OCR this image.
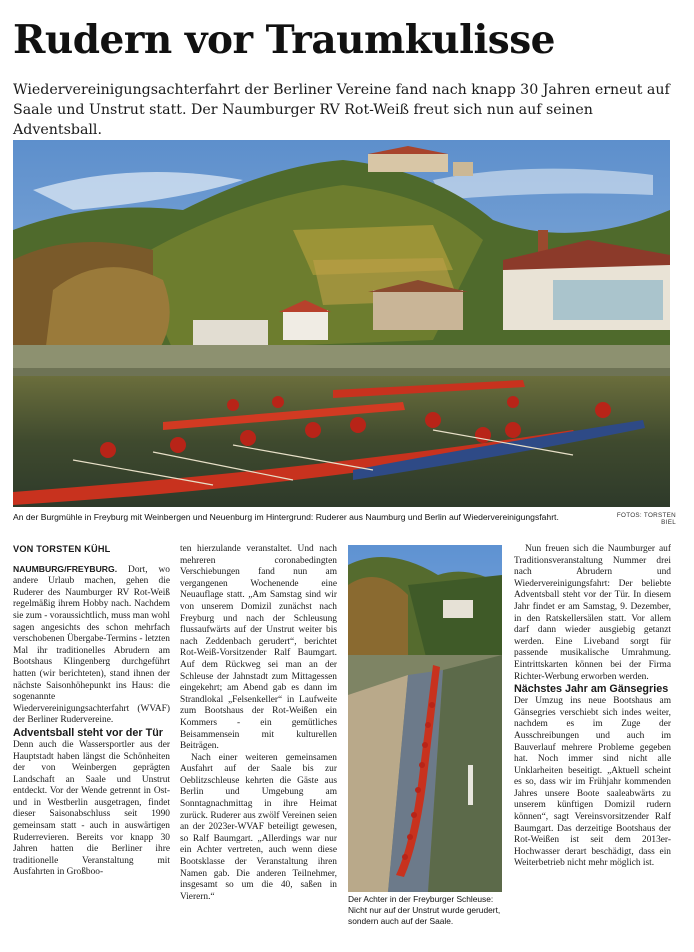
Rudern vor Traumkulisse

Wiedervereinigungsachterfahrt der Berliner Vereine fand nach knapp 30 Jahren erneut auf Saale und Unstrut statt. Der Naumburger RV Rot-Weiß freut sich nun auf seinen Adventsball.

An der Burgmühle in Freyburg mit Weinbergen und Neuenburg im Hintergrund: Ruderer aus Naumburg und Berlin auf Wiedervereinigungsfahrt.	FOTOS: TORSTEN BIEL
VON TORSTEN KÜHL

NAUMBURG/FREYBURG. Dort, wo andere Urlaub machen, gehen die Ruderer des Naumburger RV Rot-Weiß regelmäßig ihrem Hobby nach. Nachdem sie zum - voraussichtlich, muss man wohl sagen angesichts des schon mehrfach verschobenen Übergabe-Termins - letzten Mal ihr traditionelles Abrudern am Bootshaus Klingenberg durchgeführt hatten (wir berichteten), stand ihnen der nächste Saisonhöhepunkt ins Haus: die sogenannte Wiedervereinigungsachterfahrt (WVAF) der Berliner Rudervereine.

Adventsball steht vor der Tür

Denn auch die Wassersportler aus der Hauptstadt haben längst die Schönheiten der von Weinbergen geprägten Landschaft an Saale und Unstrut entdeckt. Vor der Wende getrennt in Ost- und in Westberlin ausgetragen, findet dieser Saisonabschluss seit 1990 gemeinsam statt - auch in auswärtigen Ruderrevieren. Bereits vor knapp 30 Jahren hatten die Berliner ihre traditionelle Veranstaltung mit Ausfahrten in Großboo-

ten hierzulande veranstaltet. Und nach mehreren coronabedingten Verschiebungen fand nun am vergangenen Wochenende eine Neuauflage statt. „Am Samstag sind wir von unserem Domizil zunächst nach Freyburg und nach der Schleusung flussaufwärts auf der Unstrut weiter bis nach Zeddenbach gerudert“, berichtet Rot-Weiß-Vorsitzender Ralf Baumgart. Auf dem Rückweg sei man an der Schleuse der Jahnstadt zum Mittagessen eingekehrt; am Abend gab es dann im Strandlokal „Felsenkeller“ in Laufweite zum Bootshaus der Rot-Weißen ein Kommers - ein gemütliches Beisammensein mit kulturellen Beiträgen.

Nach einer weiteren gemeinsamen Ausfahrt auf der Saale bis zur Oeblitzschleuse kehrten die Gäste aus Berlin und Umgebung am Sonntagnachmittag in ihre Heimat zurück. Ruderer aus zwölf Vereinen seien an der 2023er-WVAF beteiligt gewesen, so Ralf Baumgart. „Allerdings war nur ein Achter vertreten, auch wenn diese Bootsklasse der Veranstaltung ihren Namen gab. Die anderen Teilnehmer, insgesamt so um die 40, saßen in Vierern.“	Der Achter in der Freyburger Schleuse: Nicht nur auf der Unstrut wurde gerudert, sondern auch auf der Saale.

Nun freuen sich die Naumburger auf Traditionsveranstaltung Nummer drei nach Abrudern und Wiedervereinigungsfahrt: Der beliebte Adventsball steht vor der Tür. In diesem Jahr findet er am Samstag, 9. Dezember, in den Ratskellersälen statt. Vor allem darf dann wieder ausgiebig getanzt werden. Eine Liveband sorgt für passende musikalische Umrahmung. Eintrittskarten können bei der Firma Richter-Werbung erworben werden.

Nächstes Jahr am Gänsegries

Der Umzug ins neue Bootshaus am Gänsegries verschiebt sich indes weiter, nachdem es im Zuge der Ausschreibungen und auch im Bauverlauf mehrere Probleme gegeben hat. Noch immer sind nicht alle Unklarheiten beseitigt. „Aktuell scheint es so, dass wir im Frühjahr kommenden Jahres unsere Boote saaleabwärts zu unserem künftigen Domizil rudern können“, sagt Vereinsvorsitzender Ralf Baumgart. Das derzeitige Bootshaus der Rot-Weißen ist seit dem 2013er-Hochwasser derart beschädigt, dass ein Weiterbetrieb nicht mehr möglich ist.
